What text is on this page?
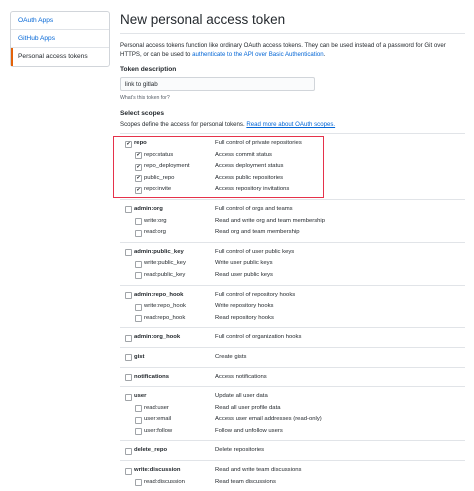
OAuth Apps
GitHub Apps
Personal access tokens
New personal access token

Personal access tokens function like ordinary OAuth access tokens. They can be used instead of a password for Git over HTTPS, or can be used to authenticate to the API over Basic Authentication.

Token description
link to gitlab
What's this token for?
Select scopes
Scopes define the access for personal tokens. Read more about OAuth scopes.
✔ repo	Full control of private repositories
✔ repo:status	Access commit status
✔ repo_deployment	Access deployment status
✔ public_repo	Access public repositories
✔ repo:invite	Access repository invitations
admin:org	Full control of orgs and teams
write:org	Read and write org and team membership
read:org	Read org and team membership
admin:public_key	Full control of user public keys
write:public_key	Write user public keys
read:public_key	Read user public keys
admin:repo_hook	Full control of repository hooks
write:repo_hook	Write repository hooks
read:repo_hook	Read repository hooks
admin:org_hook	Full control of organization hooks
gist	Create gists
notifications	Access notifications
user	Update all user data
read:user	Read all user profile data
user:email	Access user email addresses (read-only)
user:follow	Follow and unfollow users
delete_repo	Delete repositories
write:discussion	Read and write team discussions
read:discussion	Read team discussions
